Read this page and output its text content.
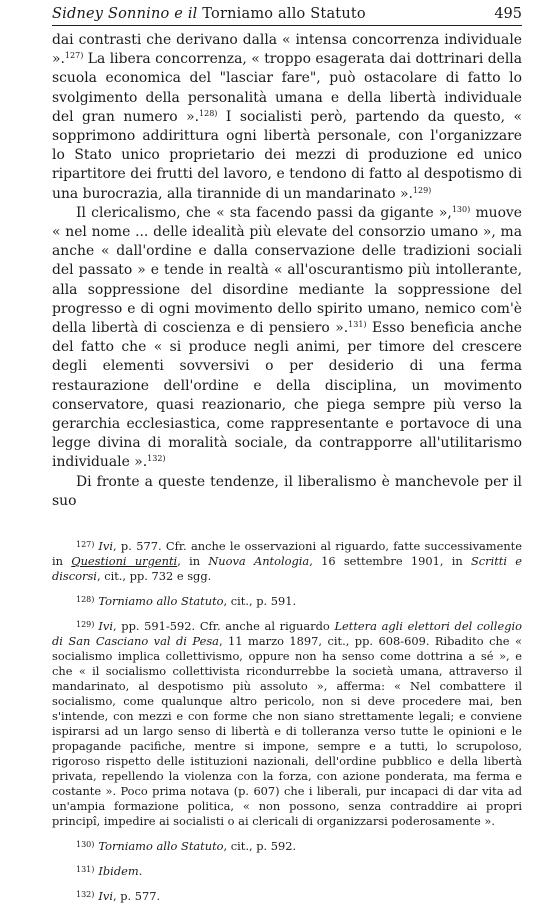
Sidney Sonnino e il Torniamo allo Statuto	495

dai contrasti che derivano dalla « intensa concorrenza individuale ».$^{127)}$ La libera concorrenza, « troppo esagerata dai dottrinari della scuola economica del "lasciar fare", può ostacolare di fatto lo svolgimento della personalità umana e della libertà individuale del gran numero ».$^{128)}$ I socialisti però, partendo da questo, « sopprimono addirittura ogni libertà personale, con l'organizzare lo Stato unico proprietario dei mezzi di produzione ed unico ripartitore dei frutti del lavoro, e tendono di fatto al despotismo di una burocrazia, alla tirannide di un mandarinato ».$^{129)}$

Il clericalismo, che « sta facendo passi da gigante »,$^{130)}$ muove « nel nome ... delle idealità più elevate del consorzio umano », ma anche « dall'ordine e dalla conservazione delle tradizioni sociali del passato » e tende in realtà « all'oscurantismo più intollerante, alla soppressione del disordine mediante la soppressione del progresso e di ogni movimento dello spirito umano, nemico com'è della libertà di coscienza e di pensiero ».$^{131)}$ Esso beneficia anche del fatto che « si produce negli animi, per timore del crescere degli elementi sovversivi o per desiderio di una ferma restaurazione dell'ordine e della disciplina, un movimento conservatore, quasi reazionario, che piega sempre più verso la gerarchia ecclesiastica, come rappresentante e portavoce di una legge divina di moralità sociale, da contrapporre all'utilitarismo individuale ».$^{132)}$

Di fronte a queste tendenze, il liberalismo è manchevole per il suo

$^{127)}$ Ivi, p. 577. Cfr. anche le osservazioni al riguardo, fatte successivamente in Questioni urgenti, in Nuova Antologia, 16 settembre 1901, in Scritti e discorsi, cit., pp. 732 e sgg.

$^{128)}$ Torniamo allo Statuto, cit., p. 591.

$^{129)}$ Ivi, pp. 591-592. Cfr. anche al riguardo Lettera agli elettori del collegio di San Casciano val di Pesa, 11 marzo 1897, cit., pp. 608-609. Ribadito che « socialismo implica collettivismo, oppure non ha senso come dottrina a sé », e che « il socialismo collettivista ricondurrebbe la società umana, attraverso il mandarinato, al despotismo più assoluto », afferma: « Nel combattere il socialismo, come qualunque altro pericolo, non si deve procedere mai, ben s'intende, con mezzi e con forme che non siano strettamente legali; e conviene ispirarsi ad un largo senso di libertà e di tolleranza verso tutte le opinioni e le propagande pacifiche, mentre si impone, sempre e a tutti, lo scrupoloso, rigoroso rispetto delle istituzioni nazionali, dell'ordine pubblico e della libertà privata, repellendo la violenza con la forza, con azione ponderata, ma ferma e costante ». Poco prima notava (p. 607) che i liberali, pur incapaci di dar vita ad un'ampia formazione politica, « non possono, senza contraddire ai propri principî, impedire ai socialisti o ai clericali di organizzarsi poderosamente ».

$^{130)}$ Torniamo allo Statuto, cit., p. 592.

$^{131)}$ Ibidem.

$^{132)}$ Ivi, p. 577.
